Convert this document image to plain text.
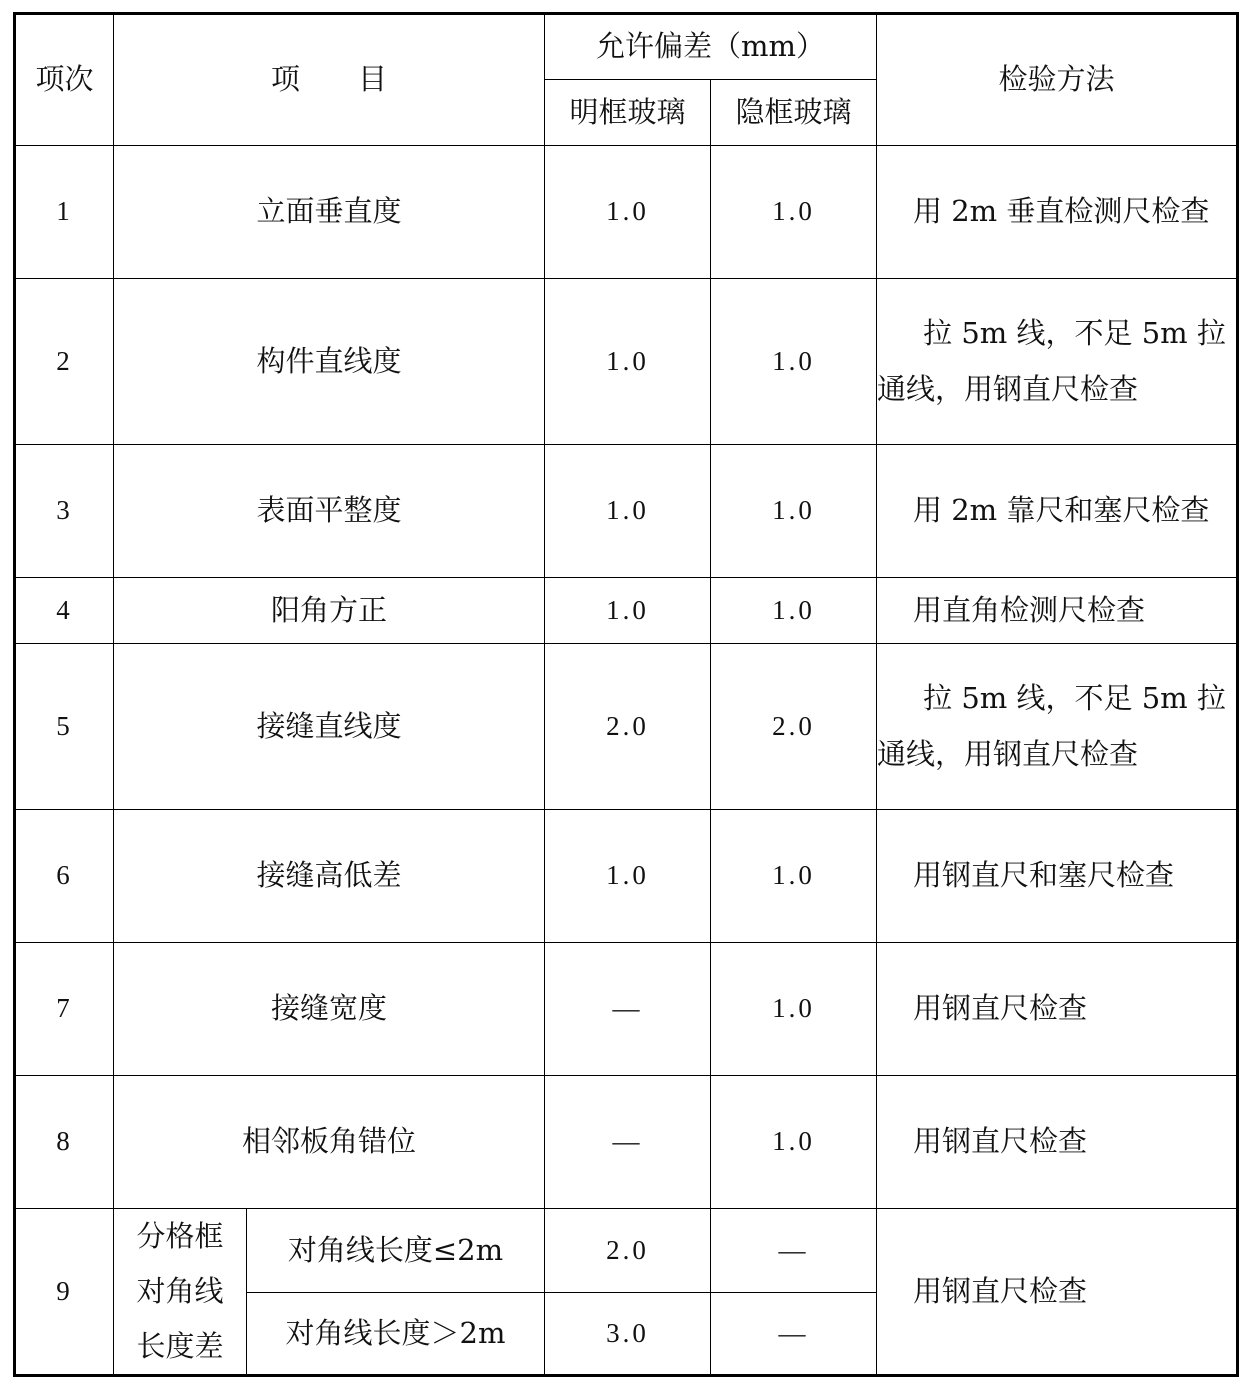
项次	项　　目		允许偏差（mm）		检验方法
			明框玻璃	隐框玻璃	
1	立面垂直度		1.0	1.0	用 2m 垂直检测尺检查
2	构件直线度		1.0	1.0	拉 5m 线，不足 5m 拉通线，用钢直尺检查
3	表面平整度		1.0	1.0	用 2m 靠尺和塞尺检查
4	阳角方正		1.0	1.0	用直角检测尺检查
5	接缝直线度		2.0	2.0	拉 5m 线，不足 5m 拉通线，用钢直尺检查
6	接缝高低差		1.0	1.0	用钢直尺和塞尺检查
7	接缝宽度		—	1.0	用钢直尺检查
8	相邻板角错位		—	1.0	用钢直尺检查
9	分格框对角线长度差	对角线长度≤2m	2.0	—	用钢直尺检查
		对角线长度＞2m	3.0	—	
